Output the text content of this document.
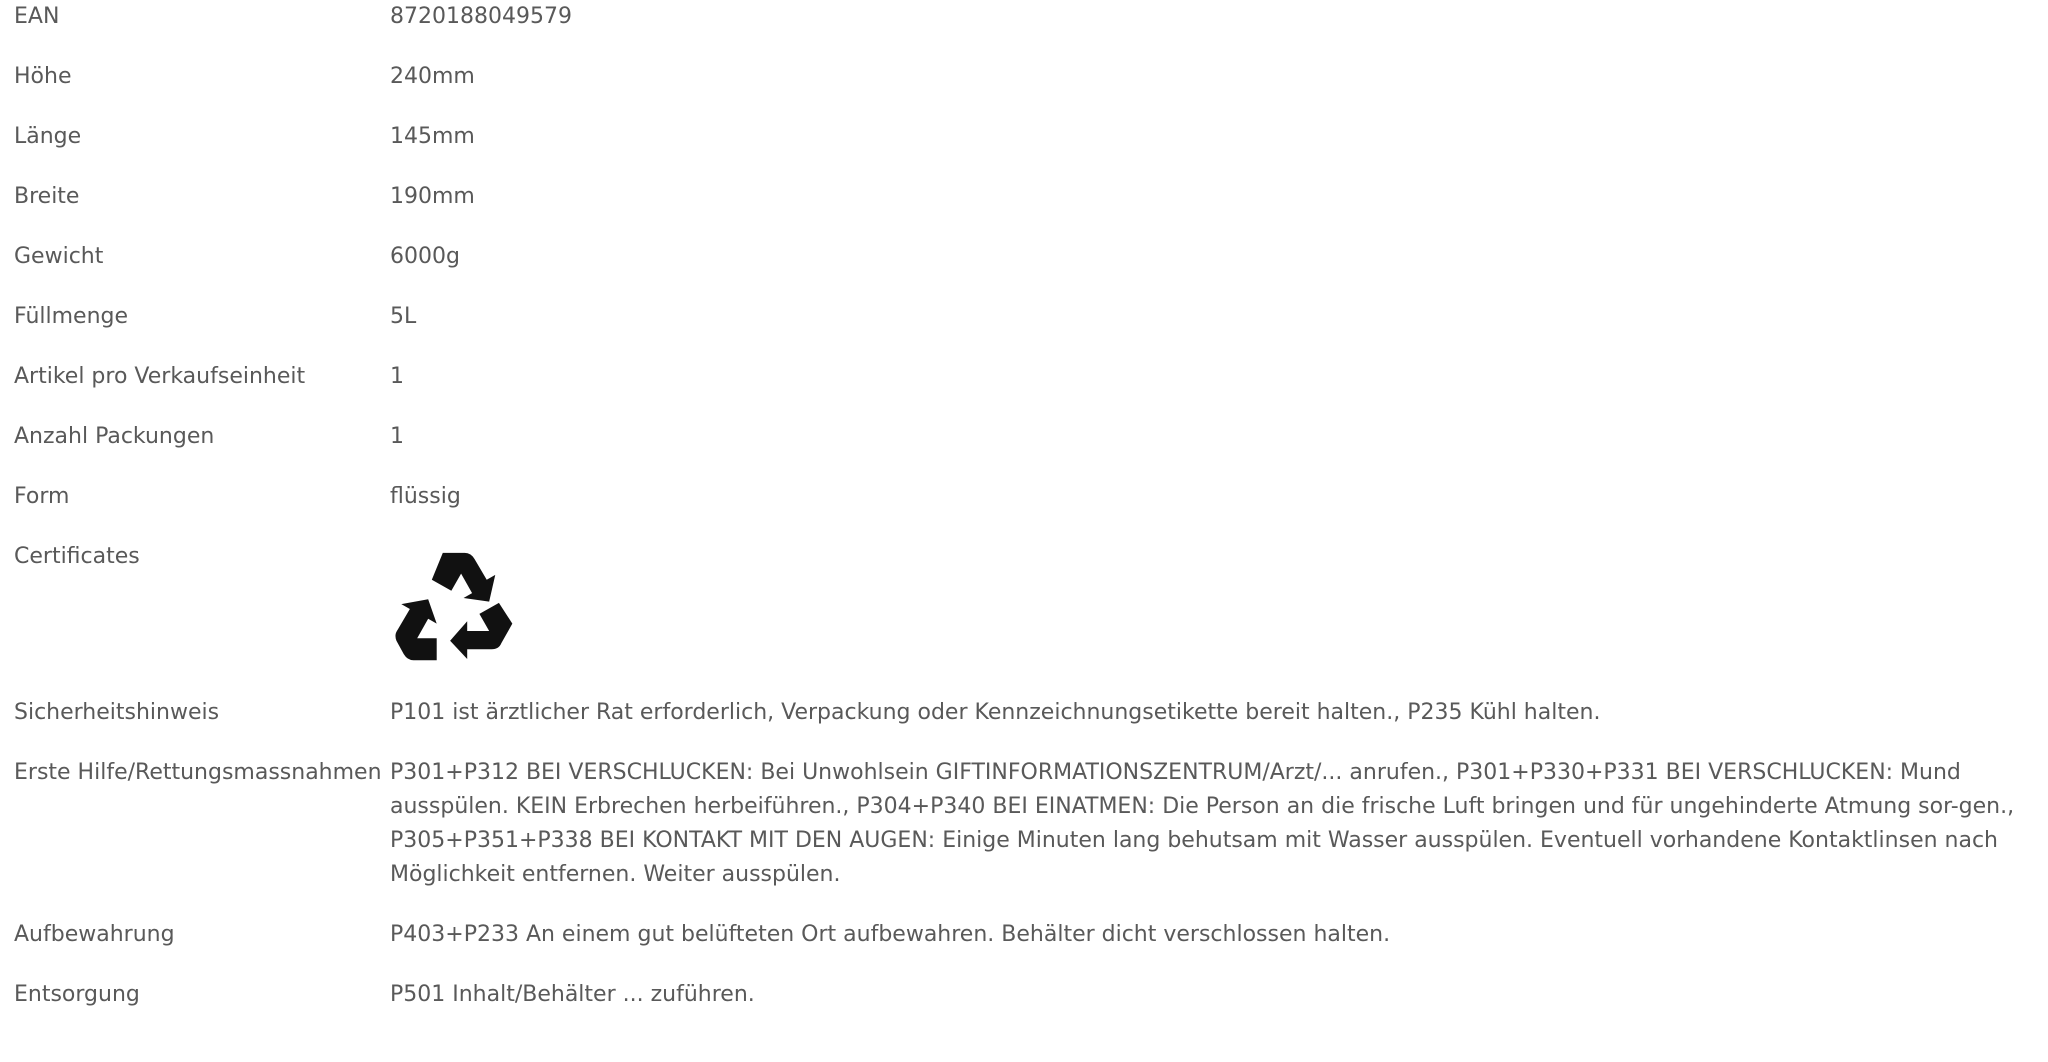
EAN	8720188049579
Höhe	240mm
Länge	145mm
Breite	190mm
Gewicht	6000g
Füllmenge	5L
Artikel pro Verkaufseinheit	1
Anzahl Packungen	1
Form	flüssig
Certificates	

Sicherheitshinweis	P101 ist ärztlicher Rat erforderlich, Verpackung oder Kennzeichnungsetikette bereit halten., P235 Kühl halten.
Erste Hilfe/Rettungsmassnahmen	P301+P312 BEI VERSCHLUCKEN: Bei Unwohlsein GIFTINFORMATIONSZENTRUM/Arzt/... anrufen., P301+P330+P331 BEI VERSCHLUCKEN: Mund ausspülen. KEIN Erbrechen herbeiführen., P304+P340 BEI EINATMEN: Die Person an die frische Luft bringen und für ungehinderte Atmung sor-gen., P305+P351+P338 BEI KONTAKT MIT DEN AUGEN: Einige Minuten lang behutsam mit Wasser ausspülen. Eventuell vorhandene Kontaktlinsen nach Möglichkeit entfernen. Weiter ausspülen.
Aufbewahrung	P403+P233 An einem gut belüfteten Ort aufbewahren. Behälter dicht verschlossen halten.
Entsorgung	P501 Inhalt/Behälter ... zuführen.
